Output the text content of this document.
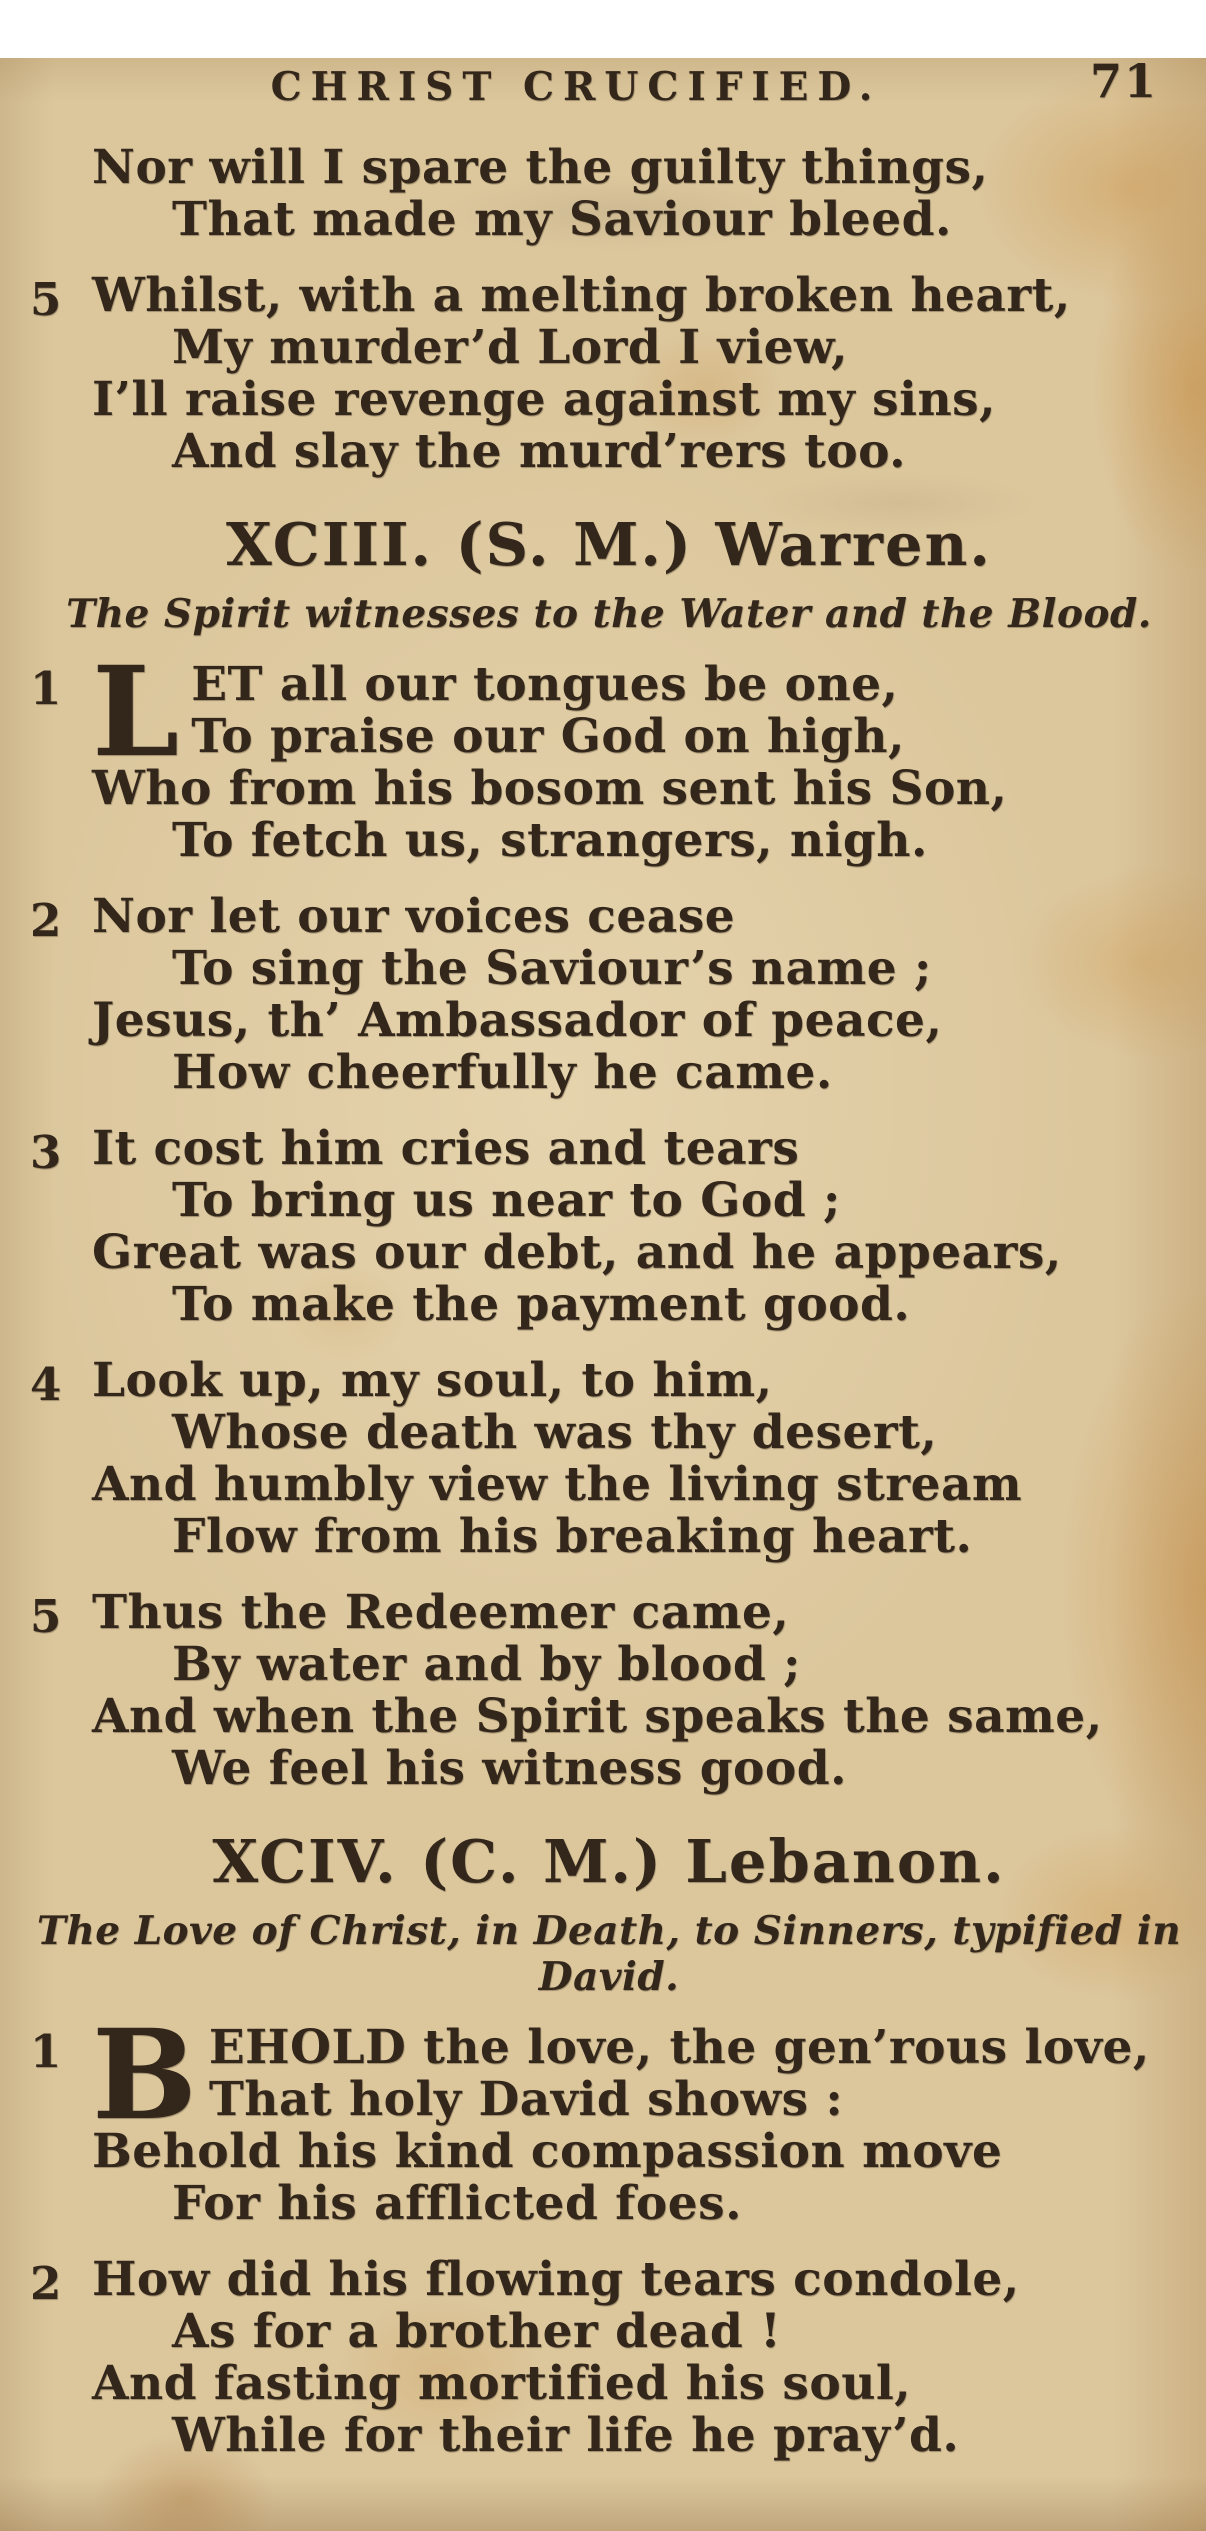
CHRIST CRUCIFIED.	71
Nor will I spare the guilty things,
That made my Saviour bleed.
5 Whilst, with a melting broken heart,
My murder’d Lord I view,
I’ll raise revenge against my sins,
And slay the murd’rers too.
XCIII. (S. M.) Warren.
The Spirit witnesses to the Water and the Blood.
1 L ET all our tongues be one,
To praise our God on high,
Who from his bosom sent his Son,
To fetch us, strangers, nigh.
2 Nor let our voices cease
To sing the Saviour’s name ;
Jesus, th’ Ambassador of peace,
How cheerfully he came.
3 It cost him cries and tears
To bring us near to God ;
Great was our debt, and he appears,
To make the payment good.
4 Look up, my soul, to him,
Whose death was thy desert,
And humbly view the living stream
Flow from his breaking heart.
5 Thus the Redeemer came,
By water and by blood ;
And when the Spirit speaks the same,
We feel his witness good.
XCIV. (C. M.) Lebanon.
The Love of Christ, in Death, to Sinners, typified in David.
1 B EHOLD the love, the gen’rous love,
That holy David shows :
Behold his kind compassion move
For his afflicted foes.
2 How did his flowing tears condole,
As for a brother dead !
And fasting mortified his soul,
While for their life he pray’d.
